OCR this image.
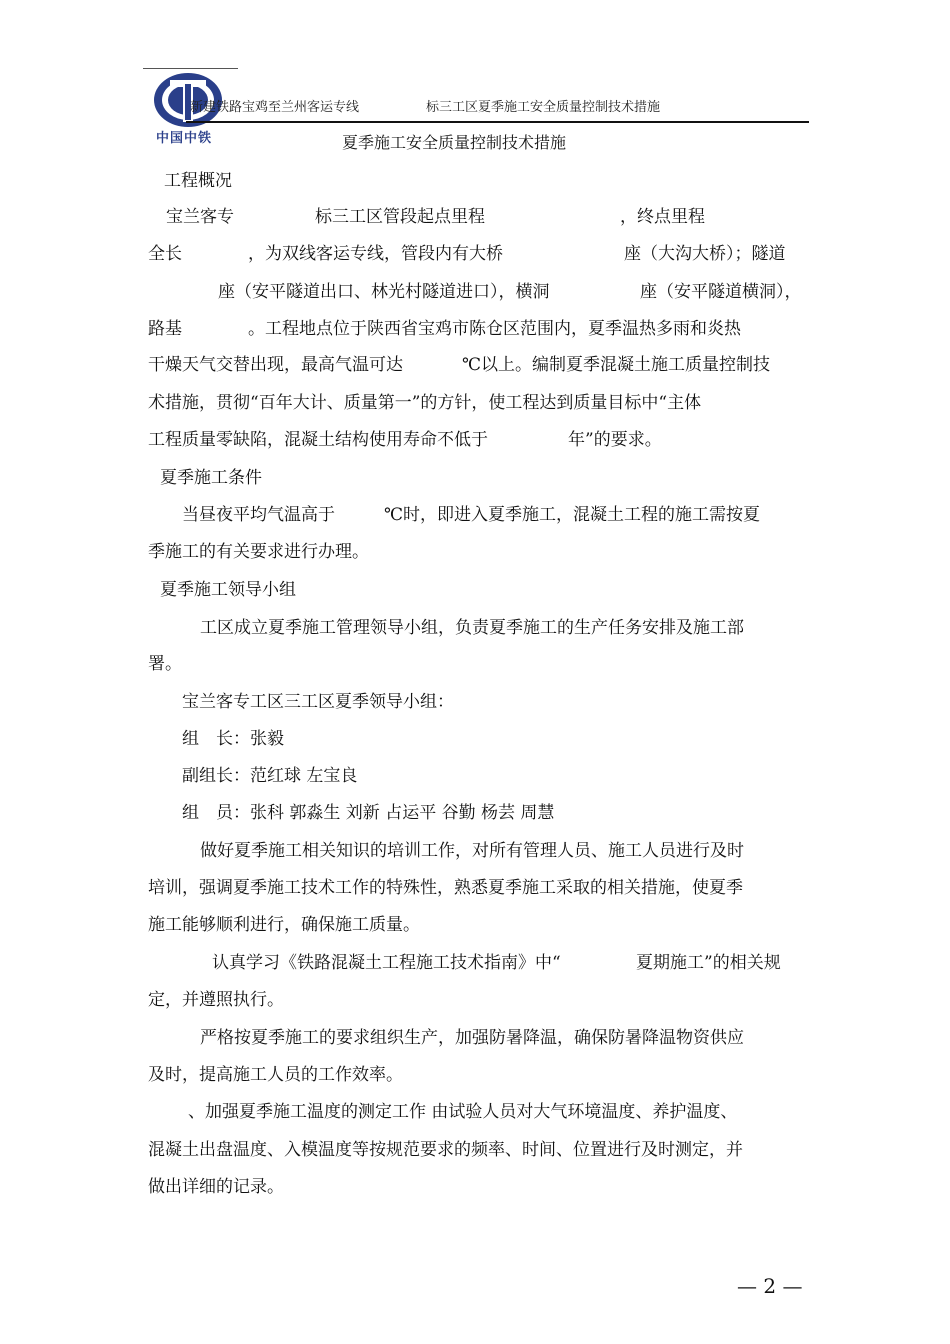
中国中铁
新建铁路宝鸡至兰州客运专线	标三工区夏季施工安全质量控制技术措施
夏季施工安全质量控制技术措施
工程概况
宝兰客专	标三工区管段起点里程	，终点里程
全长	，为双线客运专线，管段内有大桥	座（大沟大桥）；隧道
座（安平隧道出口、林光村隧道进口），横洞	座（安平隧道横洞），
路基	。工程地点位于陕西省宝鸡市陈仓区范围内，夏季温热多雨和炎热
干燥天气交替出现，最高气温可达	℃以上。编制夏季混凝土施工质量控制技
术措施，贯彻“百年大计、质量第一”的方针，使工程达到质量目标中“主体
工程质量零缺陷，混凝土结构使用寿命不低于	年”的要求。
夏季施工条件
当昼夜平均气温高于	℃时，即进入夏季施工，混凝土工程的施工需按夏
季施工的有关要求进行办理。
夏季施工领导小组
工区成立夏季施工管理领导小组，负责夏季施工的生产任务安排及施工部
署。
宝兰客专工区三工区夏季领导小组：
组　长：张毅
副组长：范红球 左宝良
组　员：张科 郭淼生 刘新 占运平 谷勤 杨芸 周慧
做好夏季施工相关知识的培训工作，对所有管理人员、施工人员进行及时
培训，强调夏季施工技术工作的特殊性，熟悉夏季施工采取的相关措施，使夏季
施工能够顺利进行，确保施工质量。
认真学习《铁路混凝土工程施工技术指南》中“	夏期施工”的相关规
定，并遵照执行。
严格按夏季施工的要求组织生产，加强防暑降温，确保防暑降温物资供应
及时，提高施工人员的工作效率。
、加强夏季施工温度的测定工作 由试验人员对大气环境温度、养护温度、
混凝土出盘温度、入模温度等按规范要求的频率、时间、位置进行及时测定，并
做出详细的记录。
— 2 —
